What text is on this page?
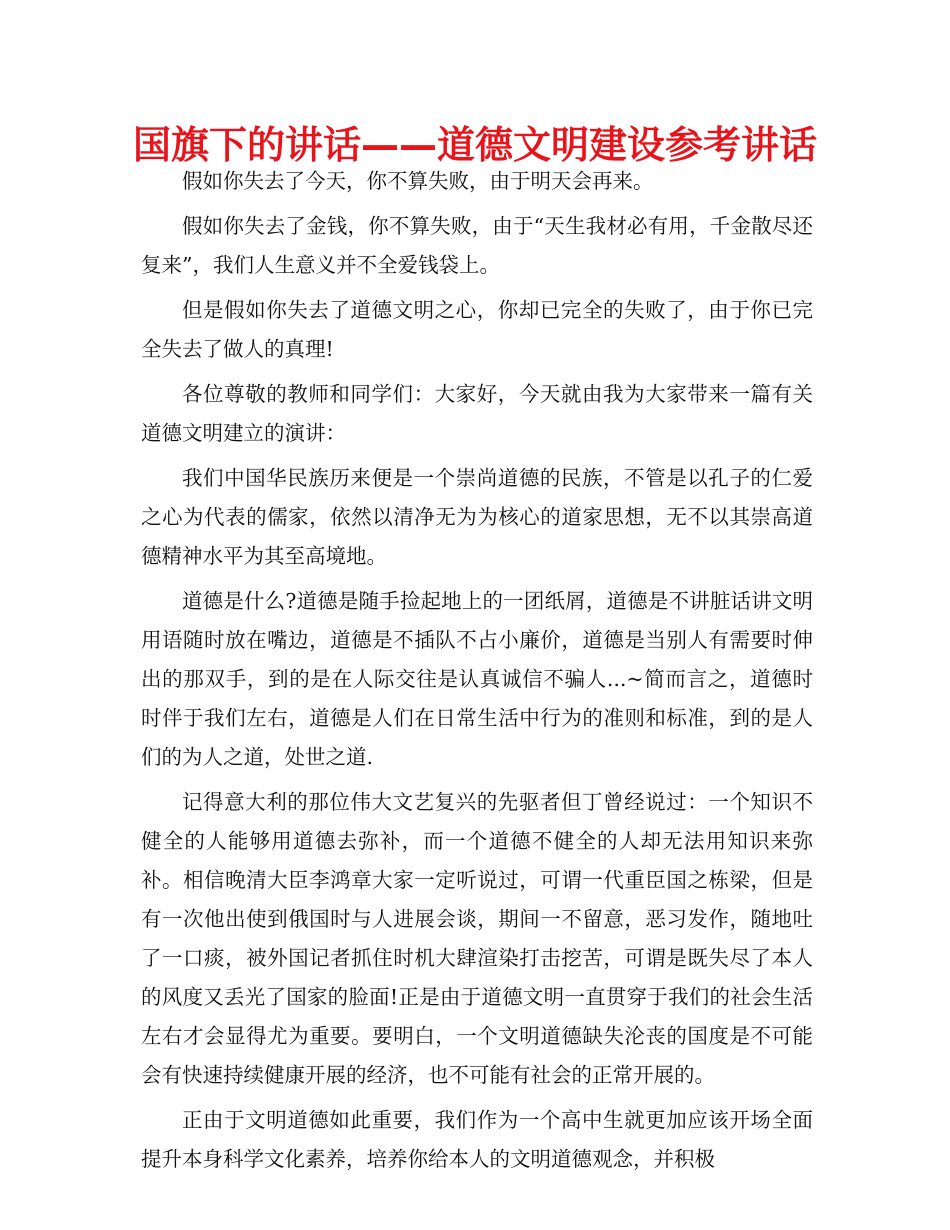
国旗下的讲话——道德文明建设参考讲话

假如你失去了今天，你不算失败，由于明天会再来。

假如你失去了金钱，你不算失败，由于“天生我材必有用，千金散尽还复来”，我们人生意义并不全爱钱袋上。

但是假如你失去了道德文明之心，你却已完全的失败了，由于你已完全失去了做人的真理!

各位尊敬的教师和同学们：大家好，今天就由我为大家带来一篇有关道德文明建立的演讲：

我们中国华民族历来便是一个崇尚道德的民族，不管是以孔子的仁爱之心为代表的儒家，依然以清净无为为核心的道家思想，无不以其崇高道德精神水平为其至高境地。

道德是什么?道德是随手捡起地上的一团纸屑，道德是不讲脏话讲文明用语随时放在嘴边，道德是不插队不占小廉价，道德是当别人有需要时伸出的那双手，到的是在人际交往是认真诚信不骗人...~简而言之，道德时时伴于我们左右，道德是人们在日常生活中行为的准则和标准，到的是人们的为人之道，处世之道.

记得意大利的那位伟大文艺复兴的先驱者但丁曾经说过：一个知识不健全的人能够用道德去弥补，而一个道德不健全的人却无法用知识来弥补。相信晚清大臣李鸿章大家一定听说过，可谓一代重臣国之栋梁，但是有一次他出使到俄国时与人进展会谈，期间一不留意，恶习发作，随地吐了一口痰，被外国记者抓住时机大肆渲染打击挖苦，可谓是既失尽了本人的风度又丢光了国家的脸面!正是由于道德文明一直贯穿于我们的社会生活左右才会显得尤为重要。要明白，一个文明道德缺失沦丧的国度是不可能会有快速持续健康开展的经济，也不可能有社会的正常开展的。

正由于文明道德如此重要，我们作为一个高中生就更加应该开场全面提升本身科学文化素养，培养你给本人的文明道德观念，并积极
